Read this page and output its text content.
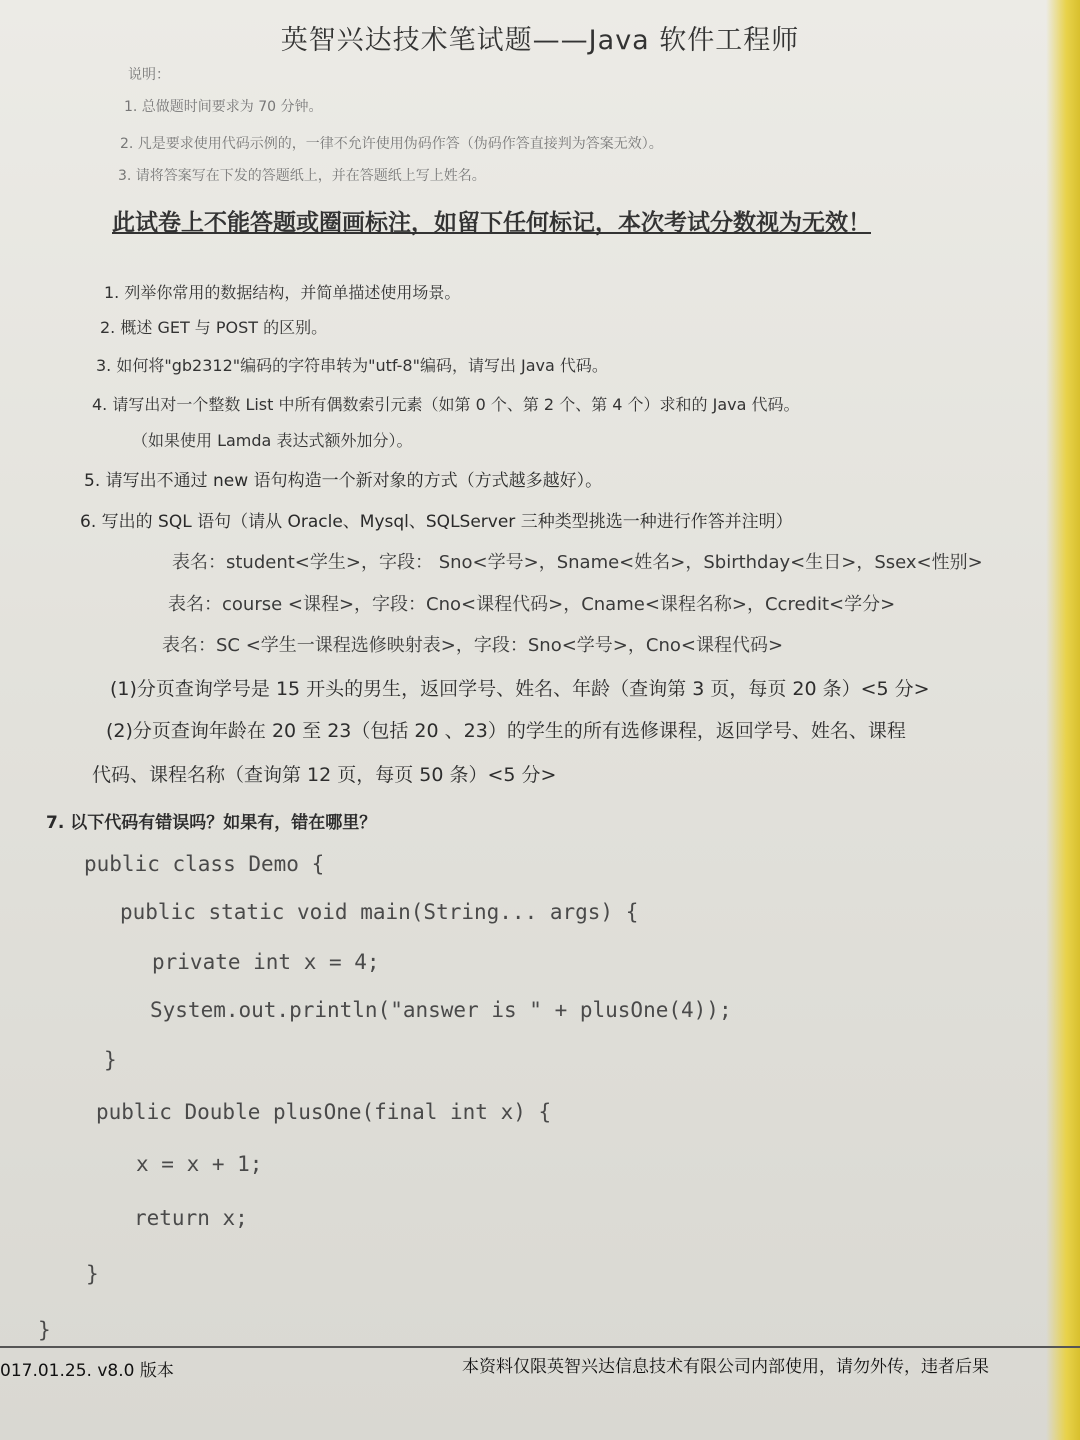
英智兴达技术笔试题——Java 软件工程师
说明：
1. 总做题时间要求为 70 分钟。
2. 凡是要求使用代码示例的，一律不允许使用伪码作答（伪码作答直接判为答案无效）。
3. 请将答案写在下发的答题纸上，并在答题纸上写上姓名。
此试卷上不能答题或圈画标注，如留下任何标记，本次考试分数视为无效！
1. 列举你常用的数据结构，并简单描述使用场景。
2. 概述 GET 与 POST 的区别。
3. 如何将"gb2312"编码的字符串转为"utf-8"编码，请写出 Java 代码。
4. 请写出对一个整数 List 中所有偶数索引元素（如第 0 个、第 2 个、第 4 个）求和的 Java 代码。
（如果使用 Lamda 表达式额外加分）。
5. 请写出不通过 new 语句构造一个新对象的方式（方式越多越好）。
6. 写出的 SQL 语句（请从 Oracle、Mysql、SQLServer 三种类型挑选一种进行作答并注明）
表名：student<学生>，字段： Sno<学号>，Sname<姓名>，Sbirthday<生日>，Ssex<性别>
表名：course <课程>，字段：Cno<课程代码>，Cname<课程名称>，Ccredit<学分>
表名：SC <学生一课程选修映射表>，字段：Sno<学号>，Cno<课程代码>
(1)分页查询学号是 15 开头的男生，返回学号、姓名、年龄（查询第 3 页，每页 20 条）<5 分>
(2)分页查询年龄在 20 至 23（包括 20 、23）的学生的所有选修课程，返回学号、姓名、课程
代码、课程名称（查询第 12 页，每页 50 条）<5 分>
7. 以下代码有错误吗？如果有，错在哪里？
public class Demo {
public static void main(String... args) {
private int x = 4;
System.out.println("answer is " + plusOne(4));
}
public Double plusOne(final int x) {
x = x + 1;
return x;
}
}
017.01.25. v8.0 版本	本资料仅限英智兴达信息技术有限公司内部使用，请勿外传，违者后果
